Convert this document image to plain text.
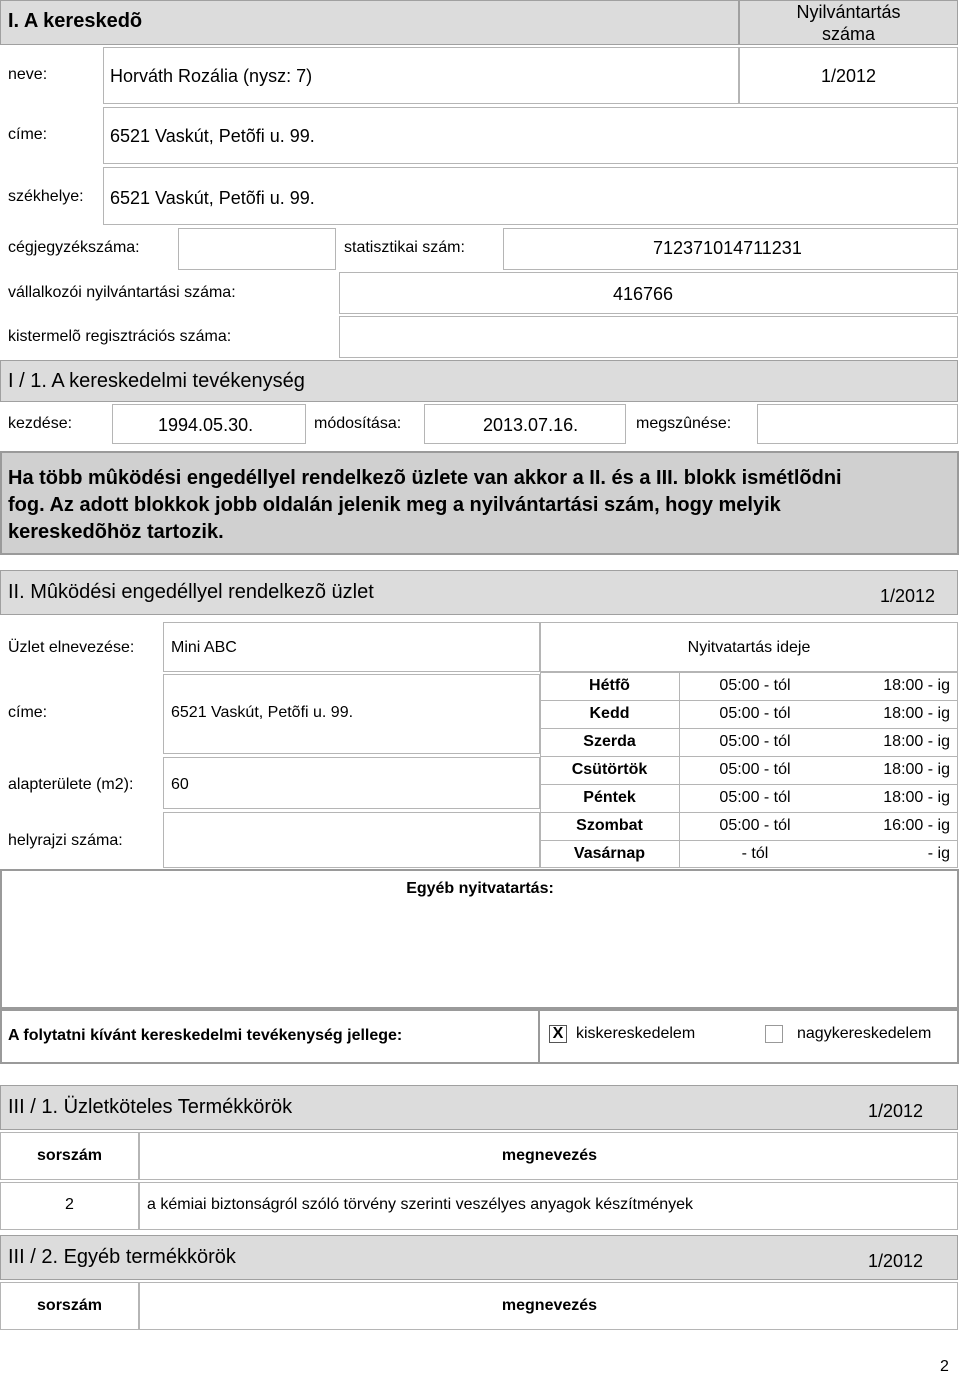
I. A kereskedõ	Nyilvántartás
száma
neve:	Horváth Rozália (nysz: 7)	1/2012
címe:	6521 Vaskút, Petõfi u. 99.
székhelye: 6521 Vaskút, Petõfi u. 99.
cégjegyzékszáma:	statisztikai szám:	712371014711231
vállalkozói nyilvántartási száma:	416766
kistermelõ regisztrációs száma:
I / 1. A kereskedelmi tevékenység
kezdése:	1994.05.30.	módosítása:	2013.07.16.	megszûnése:
Ha több mûködési engedéllyel rendelkezõ üzlete van akkor a II. és a III. blokk ismétlõdni
fog. Az adott blokkok jobb oldalán jelenik meg a nyilvántartási szám, hogy melyik
kereskedõhöz tartozik.
II. Mûködési engedéllyel rendelkezõ üzlet	1/2012
Üzlet elnevezése: Mini ABC	Nyitvatartás ideje
címe:	6521 Vaskút, Petõfi u. 99.
alapterülete (m2): 60
helyrajzi száma:
Hétfõ	05:00 - tól	18:00 - ig
Kedd	05:00 - tól	18:00 - ig
Szerda	05:00 - tól	18:00 - ig
Csütörtök	05:00 - tól	18:00 - ig
Péntek	05:00 - tól	18:00 - ig
Szombat	05:00 - tól	16:00 - ig
Vasárnap	- tól	- ig
Egyéb nyitvatartás:
A folytatni kívánt kereskedelmi tevékenység jellege:	X kiskereskedelem	nagykereskedelem
III / 1. Üzletköteles Termékkörök	1/2012
sorszám	megnevezés
2	a kémiai biztonságról szóló törvény szerinti veszélyes anyagok készítmények
III / 2. Egyéb termékkörök	1/2012
sorszám	megnevezés
2
